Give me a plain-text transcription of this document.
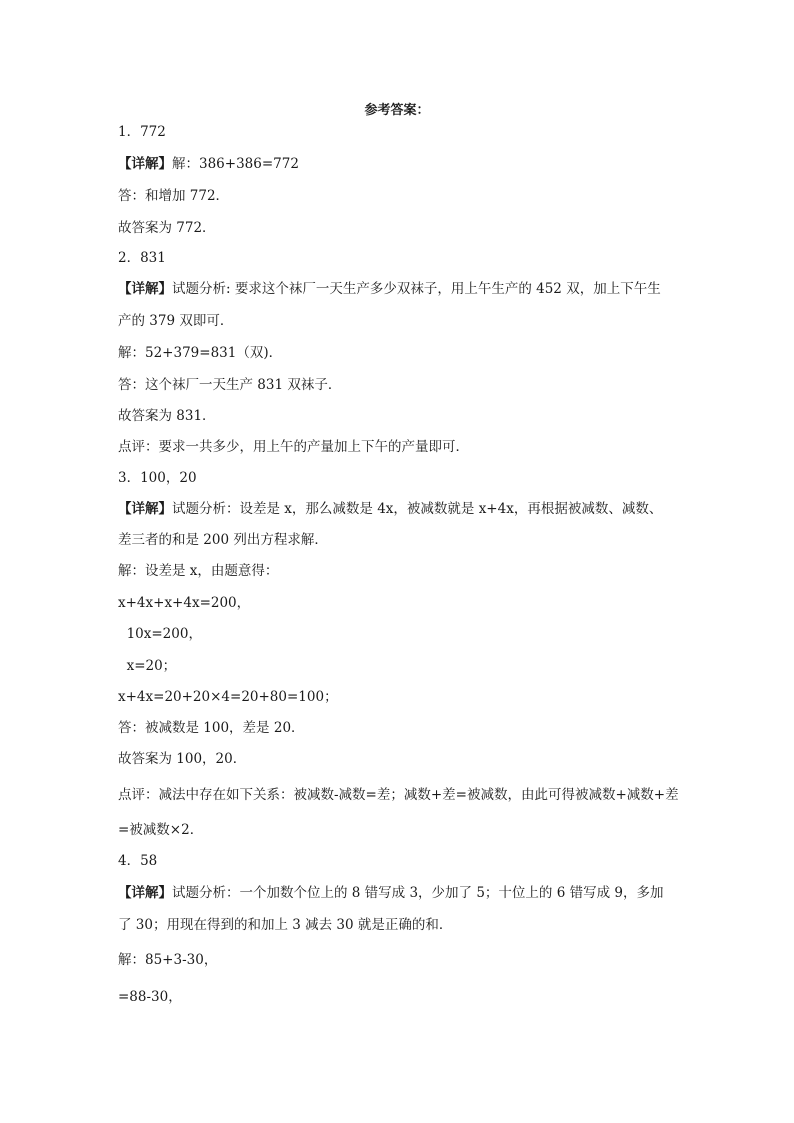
参考答案：
1．772
【详解】解：386+386=772
答：和增加 772．
故答案为 772．
2．831
【详解】试题分析: 要求这个袜厂一天生产多少双袜子，用上午生产的 452 双，加上下午生
产的 379 双即可．
解：52+379=831（双)．
答：这个袜厂一天生产 831 双袜子．
故答案为 831．
点评：要求一共多少，用上午的产量加上下午的产量即可．
3．100，20
【详解】试题分析：设差是 x，那么减数是 4x，被减数就是 x+4x，再根据被减数、减数、
差三者的和是 200 列出方程求解．
解：设差是 x，由题意得：
x+4x+x+4x=200，
10x=200，
x=20；
x+4x=20+20×4=20+80=100；
答：被减数是 100，差是 20．
故答案为 100，20．
点评：减法中存在如下关系：被减数-减数=差；减数+差=被减数，由此可得被减数+减数+差
=被减数×2．
4．58
【详解】试题分析：一个加数个位上的 8 错写成 3，少加了 5；十位上的 6 错写成 9，多加
了 30；用现在得到的和加上 3 减去 30 就是正确的和．
解：85+3-30，
=88-30，
